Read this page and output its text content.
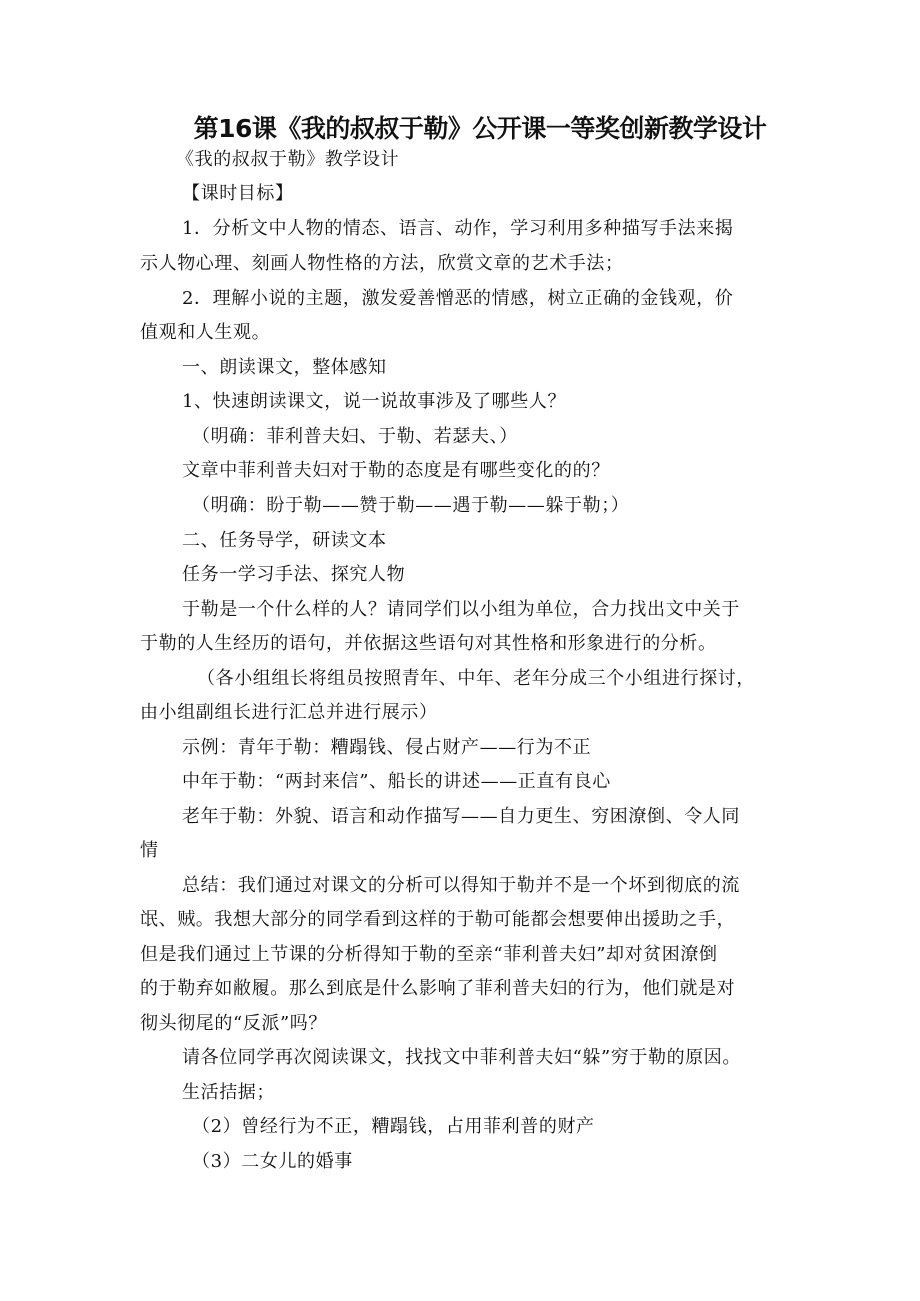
第16课《我的叔叔于勒》公开课一等奖创新教学设计
《我的叔叔于勒》教学设计
【课时目标】
1．分析文中人物的情态、语言、动作，学习利用多种描写手法来揭
示人物心理、刻画人物性格的方法，欣赏文章的艺术手法；
2．理解小说的主题，激发爱善憎恶的情感，树立正确的金钱观，价
值观和人生观。
一、朗读课文，整体感知
1、快速朗读课文，说一说故事涉及了哪些人？
（明确：菲利普夫妇、于勒、若瑟夫、）
文章中菲利普夫妇对于勒的态度是有哪些变化的的？
（明确：盼于勒——赞于勒——遇于勒——躲于勒；）
二、任务导学，研读文本
任务一学习手法、探究人物
于勒是一个什么样的人？请同学们以小组为单位，合力找出文中关于
于勒的人生经历的语句，并依据这些语句对其性格和形象进行的分析。
（各小组组长将组员按照青年、中年、老年分成三个小组进行探讨，
由小组副组长进行汇总并进行展示）
示例：青年于勒：糟蹋钱、侵占财产——行为不正
中年于勒：“两封来信”、船长的讲述——正直有良心
老年于勒：外貌、语言和动作描写——自力更生、穷困潦倒、令人同
情
总结：我们通过对课文的分析可以得知于勒并不是一个坏到彻底的流
氓、贼。我想大部分的同学看到这样的于勒可能都会想要伸出援助之手，
但是我们通过上节课的分析得知于勒的至亲“菲利普夫妇”却对贫困潦倒
的于勒弃如敝履。那么到底是什么影响了菲利普夫妇的行为，他们就是对
彻头彻尾的“反派”吗？
请各位同学再次阅读课文，找找文中菲利普夫妇“躲”穷于勒的原因。
生活拮据；
（2）曾经行为不正，糟蹋钱，占用菲利普的财产
（3）二女儿的婚事
